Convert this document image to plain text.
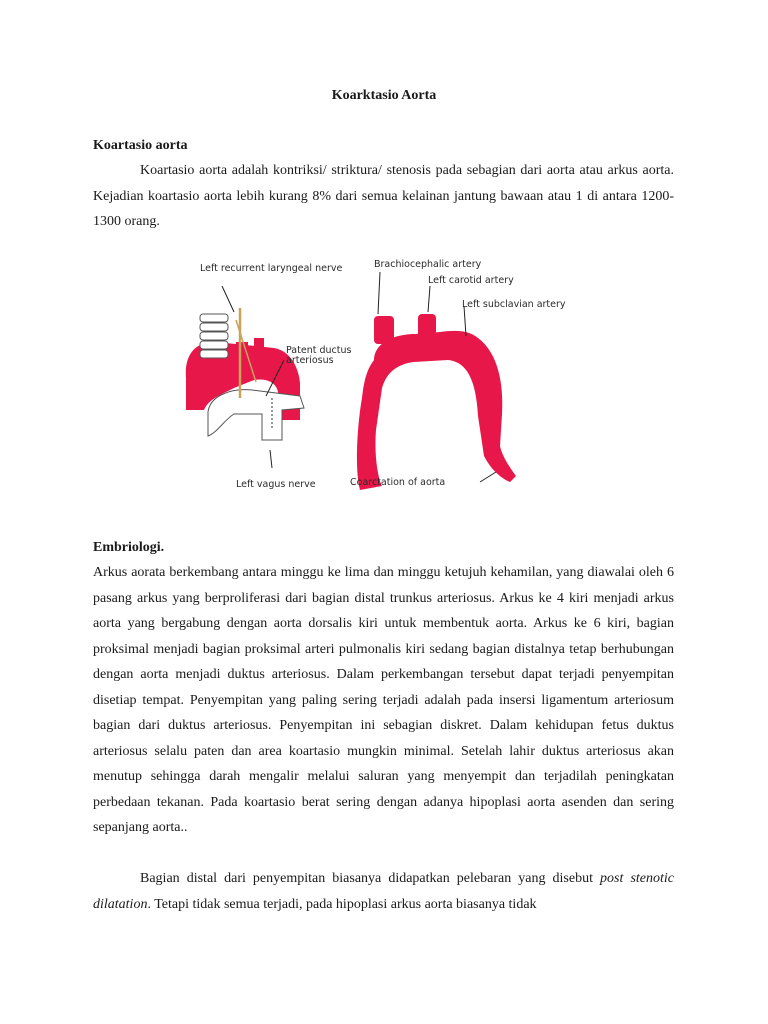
Koarktasio Aorta
Koartasio aorta

Koartasio aorta adalah kontriksi/ striktura/ stenosis pada sebagian dari aorta atau arkus aorta. Kejadian koartasio aorta lebih kurang 8% dari semua kelainan jantung bawaan atau 1 di antara 1200-1300 orang.

Left recurrent laryngeal nerve
Patent ductus arteriosus
Left vagus nerve
Brachiocephalic artery
Left carotid artery
Left subclavian artery
Coarctation of aorta
Embriologi.

Arkus aorata berkembang antara minggu ke lima dan minggu ketujuh kehamilan, yang diawalai oleh 6 pasang arkus yang berproliferasi dari bagian distal trunkus arteriosus. Arkus ke 4 kiri menjadi arkus aorta yang bergabung dengan aorta dorsalis kiri untuk membentuk aorta. Arkus ke 6 kiri, bagian proksimal menjadi bagian proksimal arteri pulmonalis kiri sedang bagian distalnya tetap berhubungan dengan aorta menjadi duktus arteriosus. Dalam perkembangan tersebut dapat terjadi penyempitan disetiap tempat. Penyempitan yang paling sering terjadi adalah pada insersi ligamentum arteriosum bagian dari duktus arteriosus. Penyempitan ini sebagian diskret. Dalam kehidupan fetus duktus arteriosus selalu paten dan area koartasio mungkin minimal. Setelah lahir duktus arteriosus akan menutup sehingga darah mengalir melalui saluran yang menyempit dan terjadilah peningkatan perbedaan tekanan. Pada koartasio berat sering dengan adanya hipoplasi aorta asenden dan sering sepanjang aorta..

Bagian distal dari penyempitan biasanya didapatkan pelebaran yang disebut post stenotic dilatation. Tetapi tidak semua terjadi, pada hipoplasi arkus aorta biasanya tidak
